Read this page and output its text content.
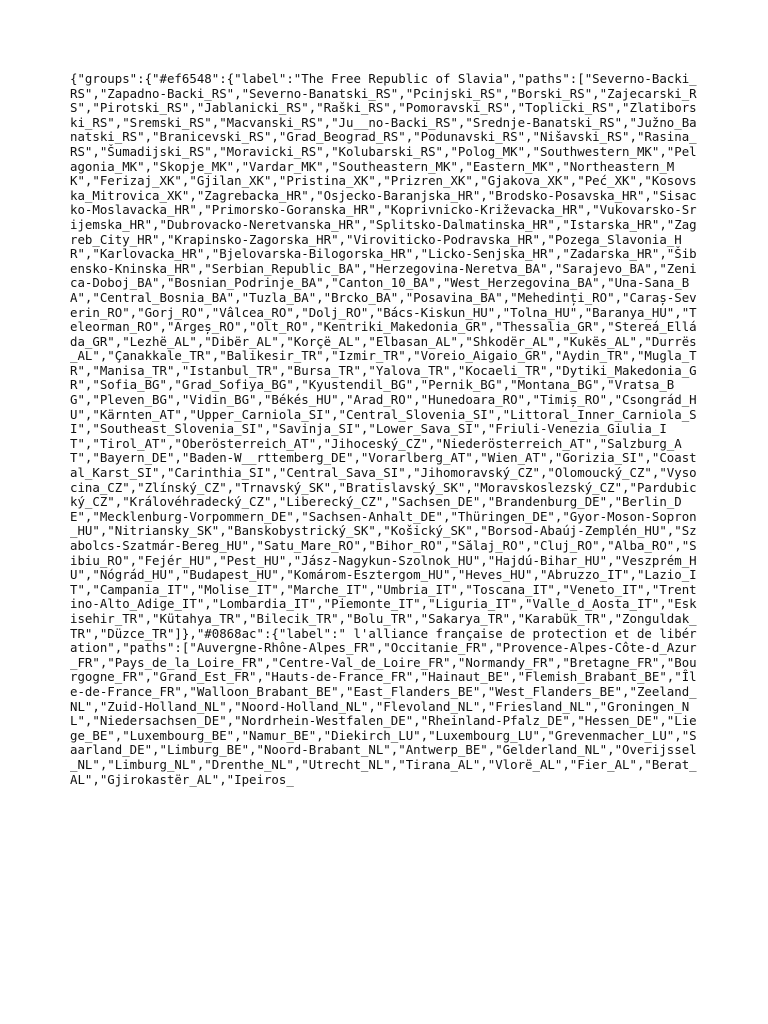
{"groups":{"#ef6548":{"label":"The Free Republic of Slavia","paths":["Severno-Backi_RS","Zapadno-Backi_RS","Severno-Banatski_RS","Pcinjski_RS","Borski_RS","Zajecarski_RS","Pirotski_RS","Jablanicki_RS","Raški_RS","Pomoravski_RS","Toplicki_RS","Zlatiborski_RS","Sremski_RS","Macvanski_RS","Ju__no-Backi_RS","Srednje-Banatski_RS","Južno_Banatski_RS","Branicevski_RS","Grad_Beograd_RS","Podunavski_RS","Nišavski_RS","Rasina_RS","Šumadijski_RS","Moravicki_RS","Kolubarski_RS","Polog_MK","Southwestern_MK","Pelagonia_MK","Skopje_MK","Vardar_MK","Southeastern_MK","Eastern_MK","Northeastern_MK","Ferizaj_XK","Gjilan_XK","Pristina_XK","Prizren_XK","Gjakova_XK","Peć_XK","Kosovska_Mitrovica_XK","Zagrebacka_HR","Osjecko-Baranjska_HR","Brodsko-Posavska_HR","Sisacko-Moslavacka_HR","Primorsko-Goranska_HR","Koprivnicko-Križevacka_HR","Vukovarsko-Srijemska_HR","Dubrovacko-Neretvanska_HR","Splitsko-Dalmatinska_HR","Istarska_HR","Zagreb_City_HR","Krapinsko-Zagorska_HR","Viroviticko-Podravska_HR","Pozega_Slavonia_HR","Karlovacka_HR","Bjelovarska-Bilogorska_HR","Licko-Senjska_HR","Zadarska_HR","Šibensko-Kninska_HR","Serbian_Republic_BA","Herzegovina-Neretva_BA","Sarajevo_BA","Zenica-Doboj_BA","Bosnian_Podrinje_BA","Canton_10_BA","West_Herzegovina_BA","Una-Sana_BA","Central_Bosnia_BA","Tuzla_BA","Brcko_BA","Posavina_BA","Mehedinți_RO","Caraș-Severin_RO","Gorj_RO","Vâlcea_RO","Dolj_RO","Bács-Kiskun_HU","Tolna_HU","Baranya_HU","Teleorman_RO","Argeș_RO","Olt_RO","Kentriki_Makedonia_GR","Thessalia_GR","Stereá_Elláda_GR","Lezhë_AL","Dibër_AL","Korçë_AL","Elbasan_AL","Shkodër_AL","Kukës_AL","Durrës_AL","Çanakkale_TR","Balikesir_TR","Izmir_TR","Voreio_Aigaio_GR","Aydin_TR","Mugla_TR","Manisa_TR","Istanbul_TR","Bursa_TR","Yalova_TR","Kocaeli_TR","Dytiki_Makedonia_GR","Sofia_BG","Grad_Sofiya_BG","Kyustendil_BG","Pernik_BG","Montana_BG","Vratsa_BG","Pleven_BG","Vidin_BG","Békés_HU","Arad_RO","Hunedoara_RO","Timiș_RO","Csongrád_HU","Kärnten_AT","Upper_Carniola_SI","Central_Slovenia_SI","Littoral_Inner_Carniola_SI","Southeast_Slovenia_SI","Savinja_SI","Lower_Sava_SI","Friuli-Venezia_Giulia_IT","Tirol_AT","Oberösterreich_AT","Jihoceský_CZ","Niederösterreich_AT","Salzburg_AT","Bayern_DE","Baden-W__rttemberg_DE","Vorarlberg_AT","Wien_AT","Gorizia_SI","Coastal_Karst_SI","Carinthia_SI","Central_Sava_SI","Jihomoravský_CZ","Olomoucký_CZ","Vysocina_CZ","Zlínský_CZ","Trnavský_SK","Bratislavský_SK","Moravskoslezský_CZ","Pardubický_CZ","Královéhradecký_CZ","Liberecký_CZ","Sachsen_DE","Brandenburg_DE","Berlin_DE","Mecklenburg-Vorpommern_DE","Sachsen-Anhalt_DE","Thüringen_DE","Gyor-Moson-Sopron_HU","Nitriansky_SK","Banskobystrický_SK","Košický_SK","Borsod-Abaúj-Zemplén_HU","Szabolcs-Szatmár-Bereg_HU","Satu_Mare_RO","Bihor_RO","Sălaj_RO","Cluj_RO","Alba_RO","Sibiu_RO","Fejér_HU","Pest_HU","Jász-Nagykun-Szolnok_HU","Hajdú-Bihar_HU","Veszprém_HU","Nógrád_HU","Budapest_HU","Komárom-Esztergom_HU","Heves_HU","Abruzzo_IT","Lazio_IT","Campania_IT","Molise_IT","Marche_IT","Umbria_IT","Toscana_IT","Veneto_IT","Trentino-Alto_Adige_IT","Lombardia_IT","Piemonte_IT","Liguria_IT","Valle_d_Aosta_IT","Eskisehir_TR","Kütahya_TR","Bilecik_TR","Bolu_TR","Sakarya_TR","Karabük_TR","Zonguldak_TR","Düzce_TR"]},"#0868ac":{"label":" l'alliance française de protection et de libération","paths":["Auvergne-Rhône-Alpes_FR","Occitanie_FR","Provence-Alpes-Côte-d_Azur_FR","Pays_de_la_Loire_FR","Centre-Val_de_Loire_FR","Normandy_FR","Bretagne_FR","Bourgogne_FR","Grand_Est_FR","Hauts-de-France_FR","Hainaut_BE","Flemish_Brabant_BE","Île-de-France_FR","Walloon_Brabant_BE","East_Flanders_BE","West_Flanders_BE","Zeeland_NL","Zuid-Holland_NL","Noord-Holland_NL","Flevoland_NL","Friesland_NL","Groningen_NL","Niedersachsen_DE","Nordrhein-Westfalen_DE","Rheinland-Pfalz_DE","Hessen_DE","Liege_BE","Luxembourg_BE","Namur_BE","Diekirch_LU","Luxembourg_LU","Grevenmacher_LU","Saarland_DE","Limburg_BE","Noord-Brabant_NL","Antwerp_BE","Gelderland_NL","Overijssel_NL","Limburg_NL","Drenthe_NL","Utrecht_NL","Tirana_AL","Vlorë_AL","Fier_AL","Berat_AL","Gjirokastër_AL","Ipeiros_
